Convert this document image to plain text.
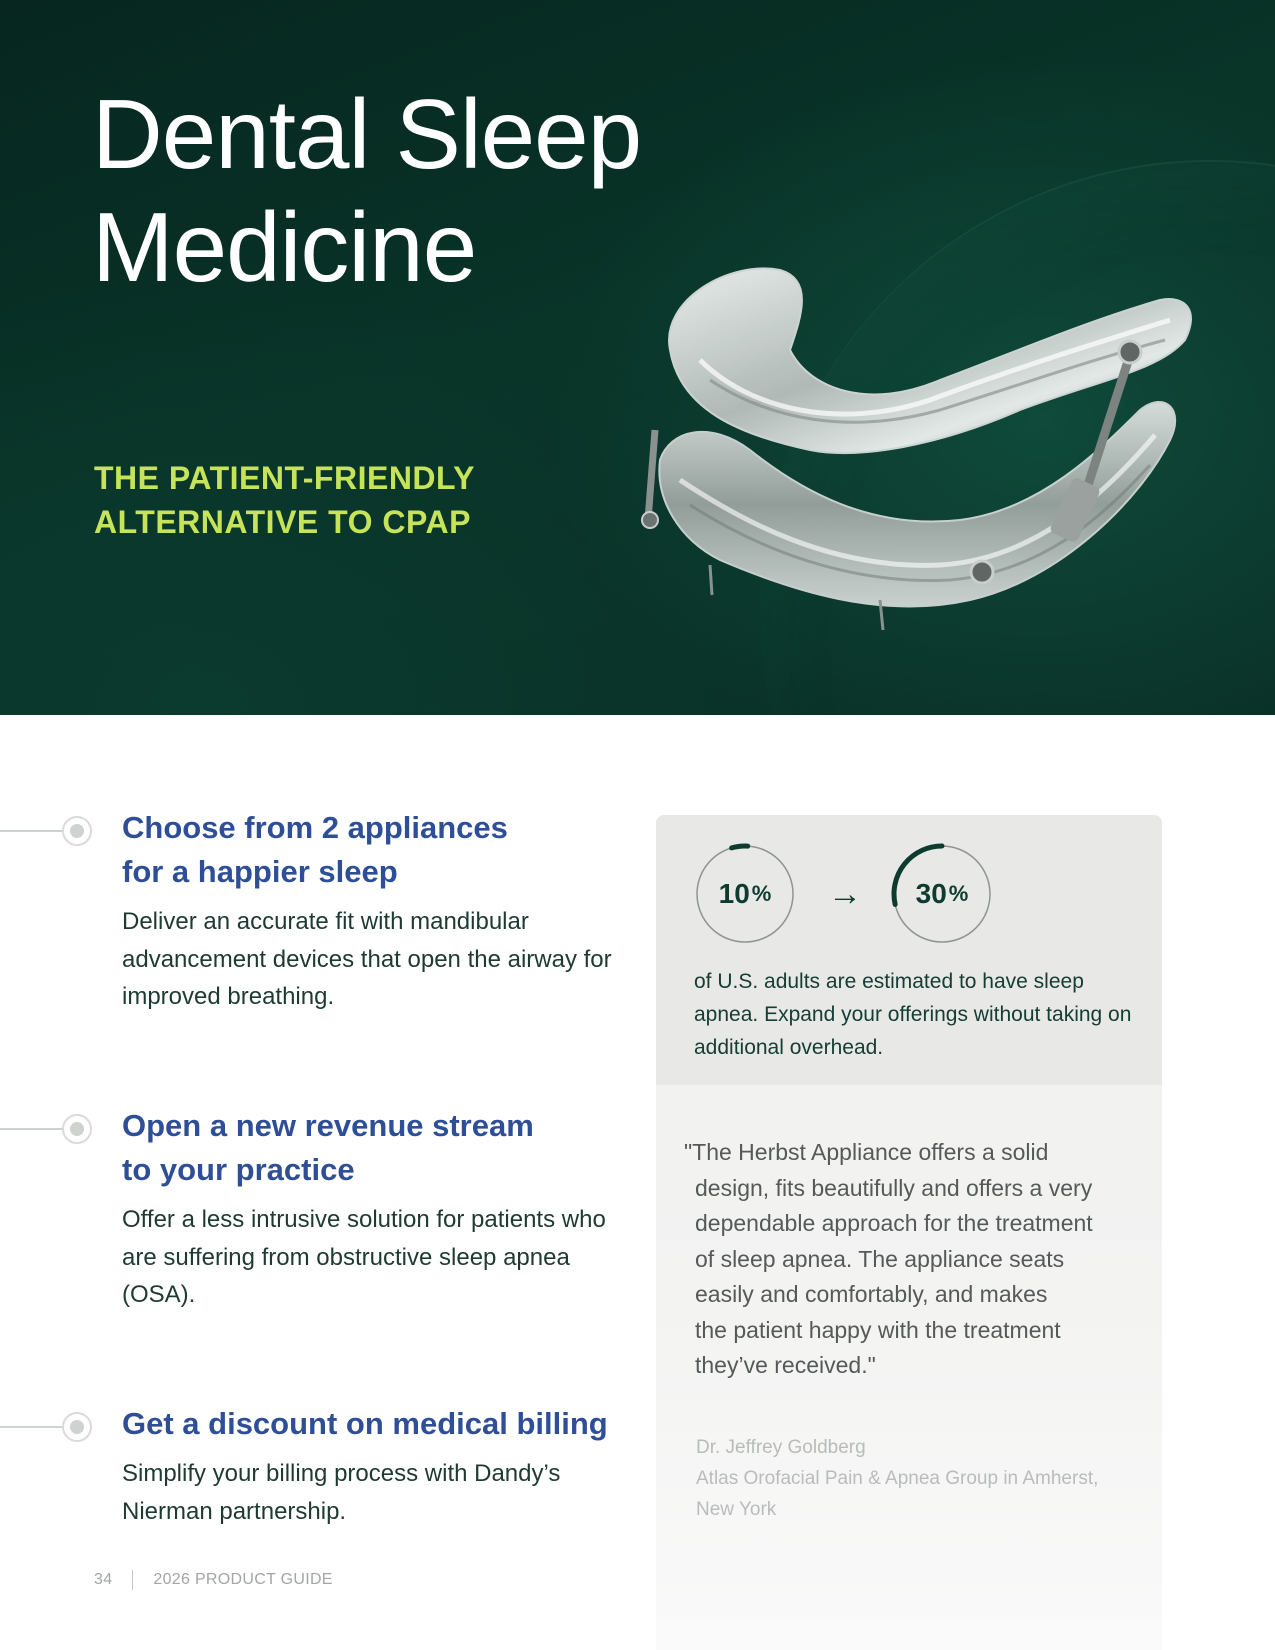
Dental Sleep
Medicine
THE PATIENT-FRIENDLY
ALTERNATIVE TO CPAP
Choose from 2 appliances
for a happier sleep

Deliver an accurate fit with mandibular advancement devices that open the airway for improved breathing.

Open a new revenue stream
to your practice

Offer a less intrusive solution for patients who are suffering from obstructive sleep apnea (OSA).

Get a discount on medical billing

Simplify your billing process with Dandy’s Nierman partnership.

10 % → 30 %

of U.S. adults are estimated to have sleep apnea. Expand your offerings without taking on additional overhead.

"The Herbst Appliance offers a solid
design, fits beautifully and offers a very
dependable approach for the treatment
of sleep apnea. The appliance seats
easily and comfortably, and makes
the patient happy with the treatment
they’ve received."

Dr. Jeffrey Goldberg
Atlas Orofacial Pain & Apnea Group in Amherst,
New York

34	2026 PRODUCT GUIDE
